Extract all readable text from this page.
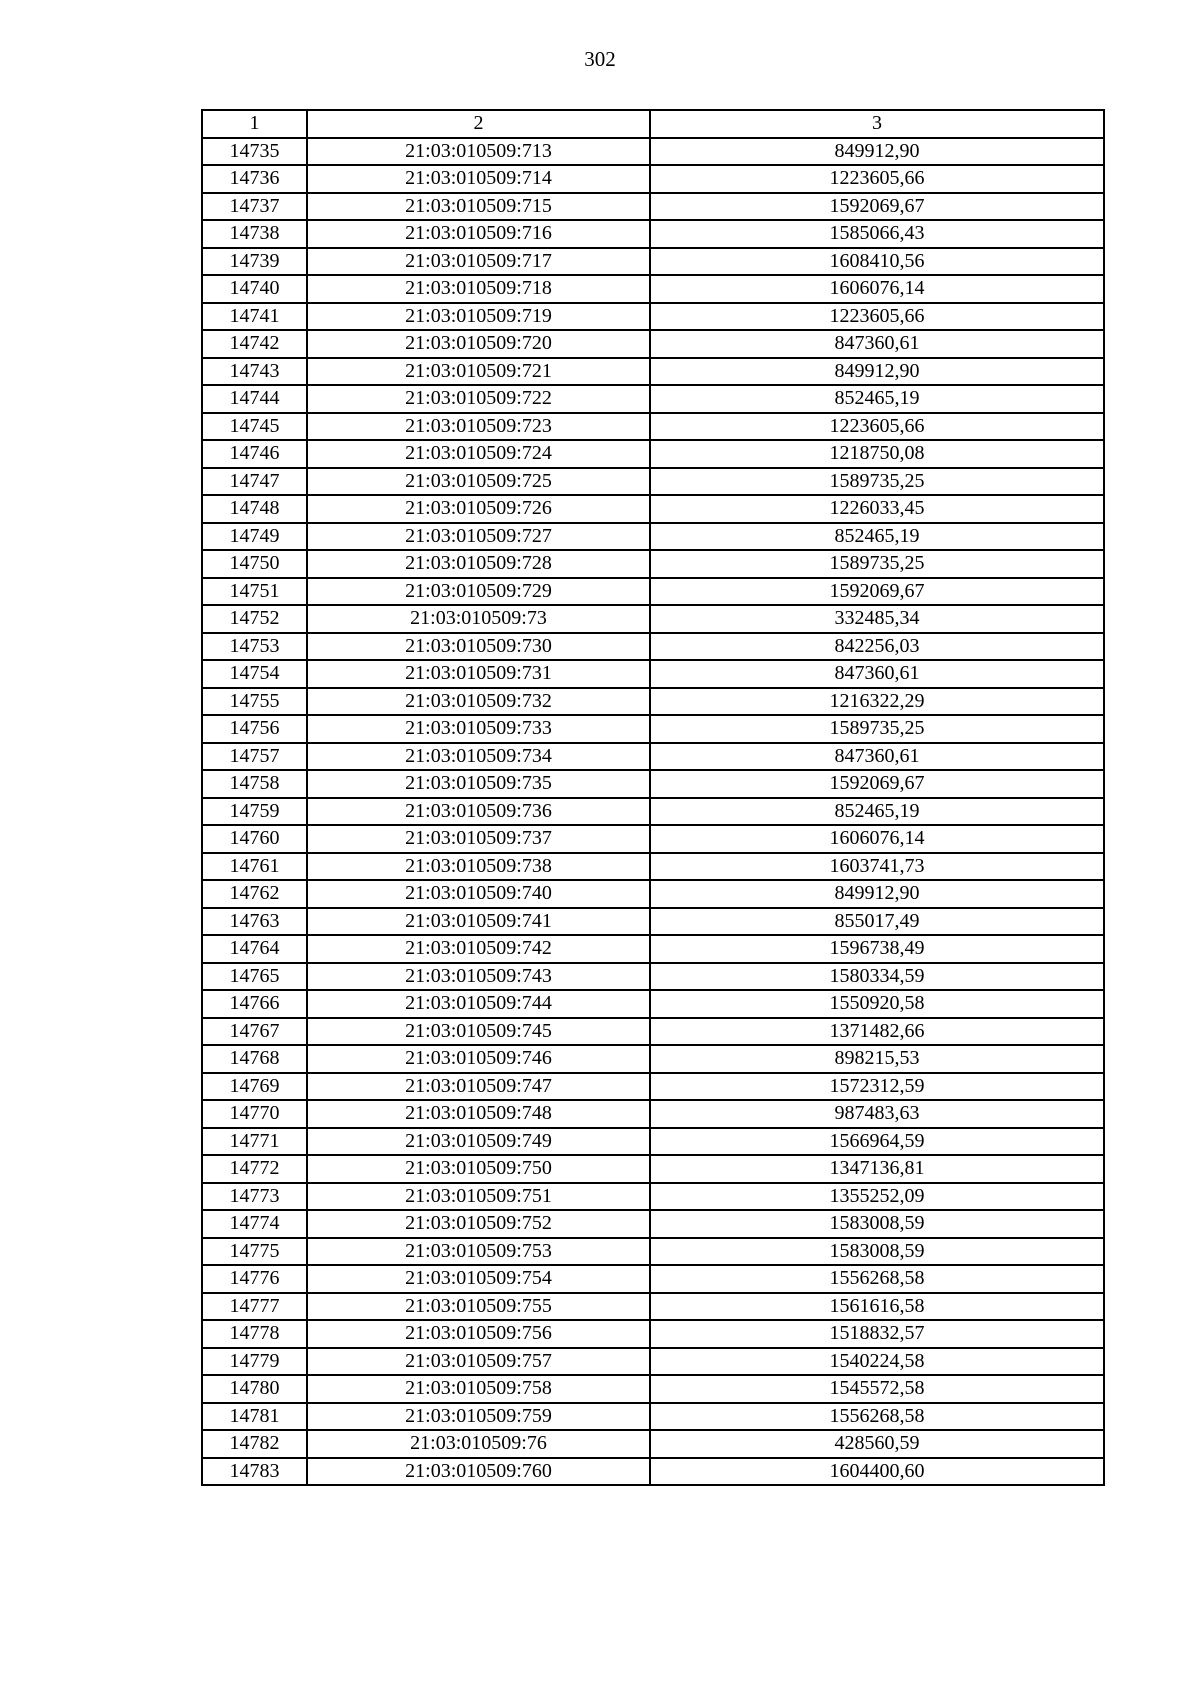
302
1	2	3
14735	21:03:010509:713	849912,90
14736	21:03:010509:714	1223605,66
14737	21:03:010509:715	1592069,67
14738	21:03:010509:716	1585066,43
14739	21:03:010509:717	1608410,56
14740	21:03:010509:718	1606076,14
14741	21:03:010509:719	1223605,66
14742	21:03:010509:720	847360,61
14743	21:03:010509:721	849912,90
14744	21:03:010509:722	852465,19
14745	21:03:010509:723	1223605,66
14746	21:03:010509:724	1218750,08
14747	21:03:010509:725	1589735,25
14748	21:03:010509:726	1226033,45
14749	21:03:010509:727	852465,19
14750	21:03:010509:728	1589735,25
14751	21:03:010509:729	1592069,67
14752	21:03:010509:73	332485,34
14753	21:03:010509:730	842256,03
14754	21:03:010509:731	847360,61
14755	21:03:010509:732	1216322,29
14756	21:03:010509:733	1589735,25
14757	21:03:010509:734	847360,61
14758	21:03:010509:735	1592069,67
14759	21:03:010509:736	852465,19
14760	21:03:010509:737	1606076,14
14761	21:03:010509:738	1603741,73
14762	21:03:010509:740	849912,90
14763	21:03:010509:741	855017,49
14764	21:03:010509:742	1596738,49
14765	21:03:010509:743	1580334,59
14766	21:03:010509:744	1550920,58
14767	21:03:010509:745	1371482,66
14768	21:03:010509:746	898215,53
14769	21:03:010509:747	1572312,59
14770	21:03:010509:748	987483,63
14771	21:03:010509:749	1566964,59
14772	21:03:010509:750	1347136,81
14773	21:03:010509:751	1355252,09
14774	21:03:010509:752	1583008,59
14775	21:03:010509:753	1583008,59
14776	21:03:010509:754	1556268,58
14777	21:03:010509:755	1561616,58
14778	21:03:010509:756	1518832,57
14779	21:03:010509:757	1540224,58
14780	21:03:010509:758	1545572,58
14781	21:03:010509:759	1556268,58
14782	21:03:010509:76	428560,59
14783	21:03:010509:760	1604400,60
